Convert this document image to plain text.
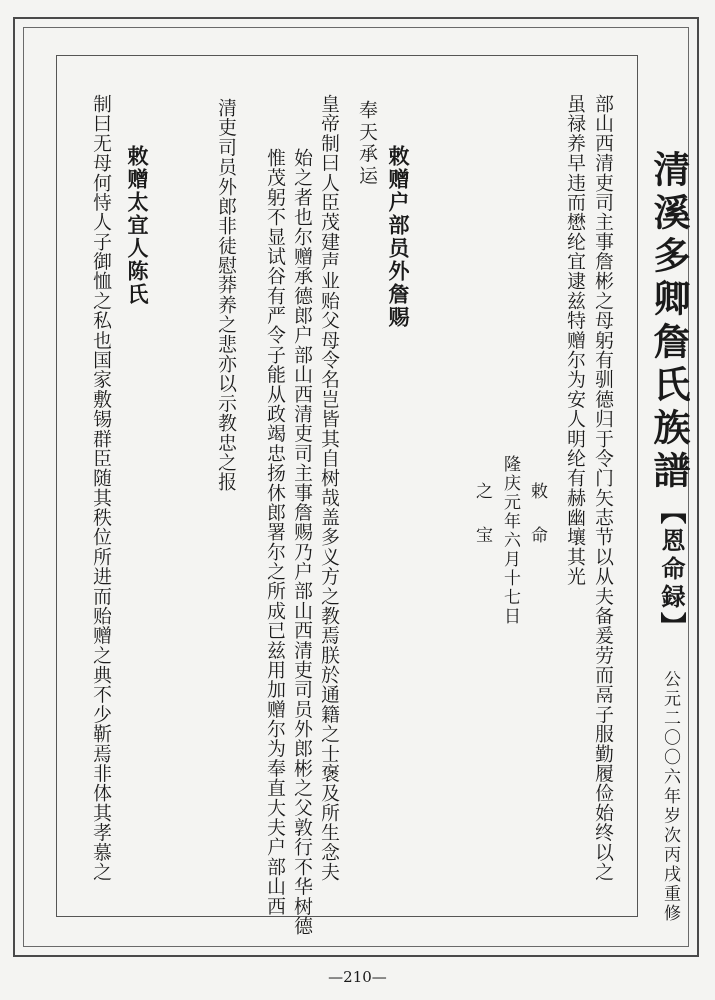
清溪多卿詹氏族譜
【恩命録】
公元二〇〇六年岁次丙戌重修
部山西清吏司主事詹彬之母躬有驯德归于令门矢志节以从夫备爰劳而鬲子服勤履俭始终以之
虽禄养早违而懋纶宜逮兹特赠尔为安人明纶有赫幽壤其光
敕　命
隆庆元年六月十七日
之　宝
敕赠户部员外詹赐
奉天承运
皇帝制曰人臣茂建声业贻父母令名岂皆其自树哉盖多义方之教焉朕於通籍之士褒及所生念夫
始之者也尔赠承德郎户部山西清吏司主事詹赐乃户部山西清吏司员外郎彬之父敦行不华树德
惟茂躬不显试谷有严令子能从政竭忠扬休郎署尔之所成已兹用加赠尔为奉直大夫户部山西
清吏司员外郎非徒慰莽养之悲亦以示教忠之报
敕赠太宜人陈氏
制曰无母何恃人子御恤之私也国家敷锡群臣随其秩位所进而贻赠之典不少靳焉非体其孝慕之
—210—
